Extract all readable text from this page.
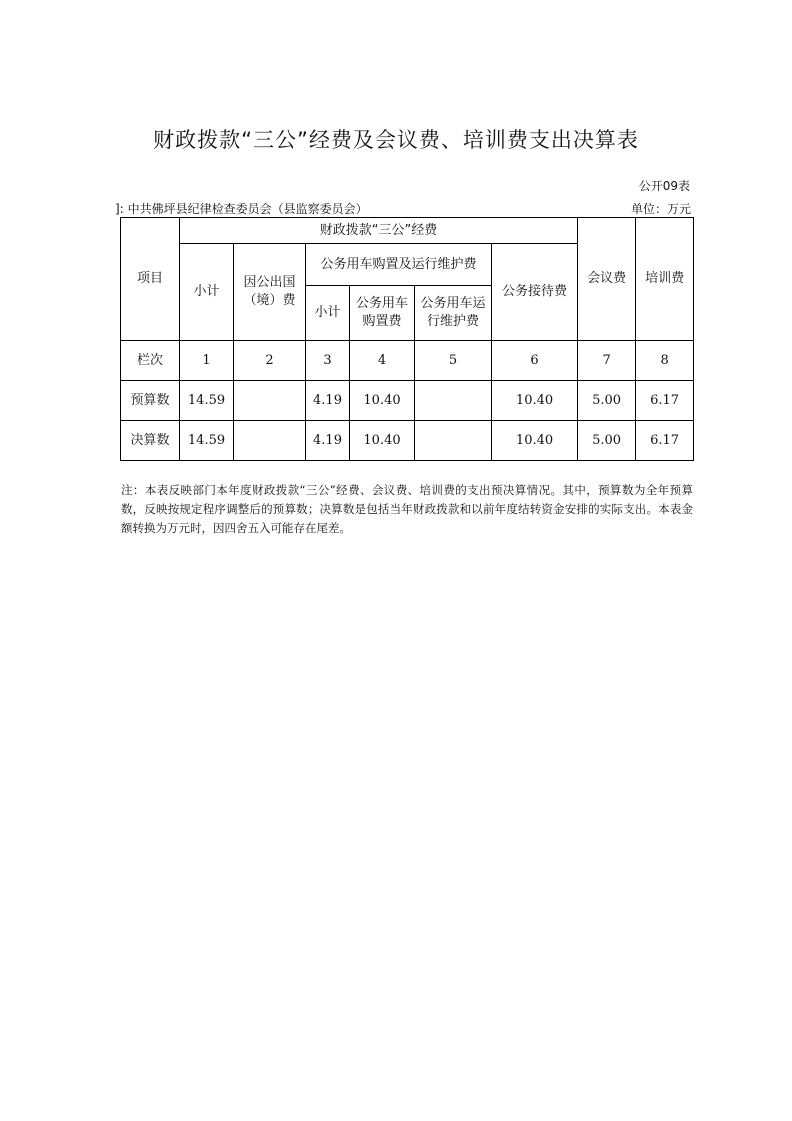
财政拨款“三公”经费及会议费、培训费支出决算表
公开09表
]: 中共佛坪县纪律检查委员会（县监察委员会）	单位：万元
项目	财政拨款“三公”经费						会议费	培训费
	小计	因公出国（境）费	公务用车购置及运行维护费			公务接待费		
			小计	公务用车购置费	公务用车运行维护费			
栏次	1	2	3	4	5	6	7	8
预算数	14.59		4.19	10.40		10.40	5.00	6.17
决算数	14.59		4.19	10.40		10.40	5.00	6.17
注：本表反映部门本年度财政拨款“三公”经费、会议费、培训费的支出预决算情况。其中，预算数为全年预算数，反映按规定程序调整后的预算数；决算数是包括当年财政拨款和以前年度结转资金安排的实际支出。本表金额转换为万元时，因四舍五入可能存在尾差。
